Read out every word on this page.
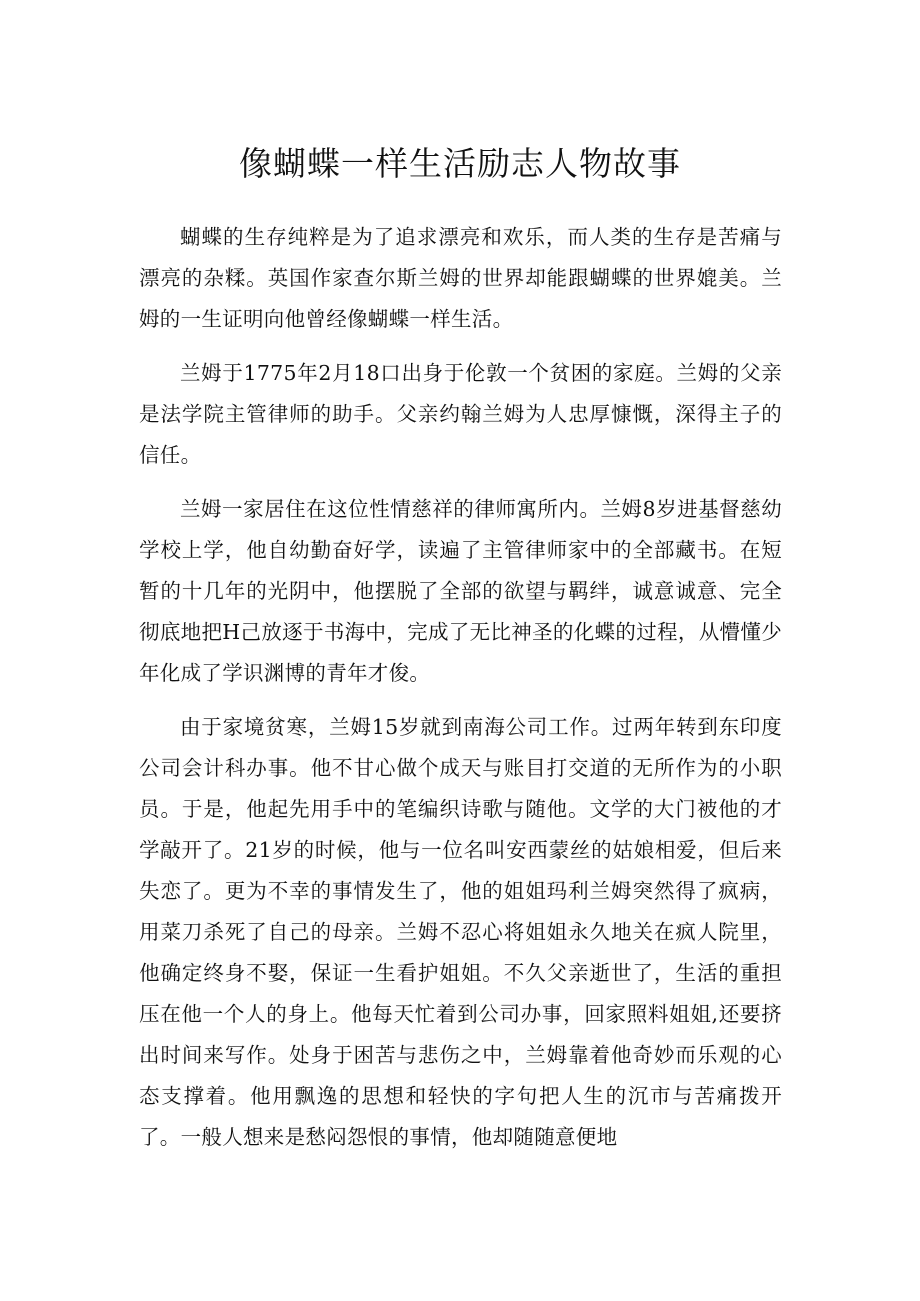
像蝴蝶一样生活励志人物故事

蝴蝶的生存纯粹是为了追求漂亮和欢乐，而人类的生存是苦痛与漂亮的杂糅。英国作家查尔斯兰姆的世界却能跟蝴蝶的世界媲美。兰姆的一生证明向他曾经像蝴蝶一样生活。

兰姆于1775年2月18口出身于伦敦一个贫困的家庭。兰姆的父亲是法学院主管律师的助手。父亲约翰兰姆为人忠厚慷慨，深得主子的信任。

兰姆一家居住在这位性情慈祥的律师寓所内。兰姆8岁进基督慈幼学校上学，他自幼勤奋好学，读遍了主管律师家中的全部藏书。在短暂的十几年的光阴中，他摆脱了全部的欲望与羁绊，诚意诚意、完全彻底地把H己放逐于书海中，完成了无比神圣的化蝶的过程，从懵懂少年化成了学识渊博的青年才俊。

由于家境贫寒，兰姆15岁就到南海公司工作。过两年转到东印度公司会计科办事。他不甘心做个成天与账目打交道的无所作为的小职员。于是，他起先用手中的笔编织诗歌与随他。文学的大门被他的才学敲开了。21岁的时候，他与一位名叫安西蒙丝的姑娘相爱，但后来失恋了。更为不幸的事情发生了，他的姐姐玛利兰姆突然得了疯病，用菜刀杀死了自己的母亲。兰姆不忍心将姐姐永久地关在疯人院里，他确定终身不娶，保证一生看护姐姐。不久父亲逝世了，生活的重担压在他一个人的身上。他每天忙着到公司办事，回家照料姐姐,还要挤出时间来写作。处身于困苦与悲伤之中，兰姆靠着他奇妙而乐观的心态支撑着。他用飘逸的思想和轻快的字句把人生的沉市与苦痛拨开了。一般人想来是愁闷怨恨的事情，他却随随意便地
